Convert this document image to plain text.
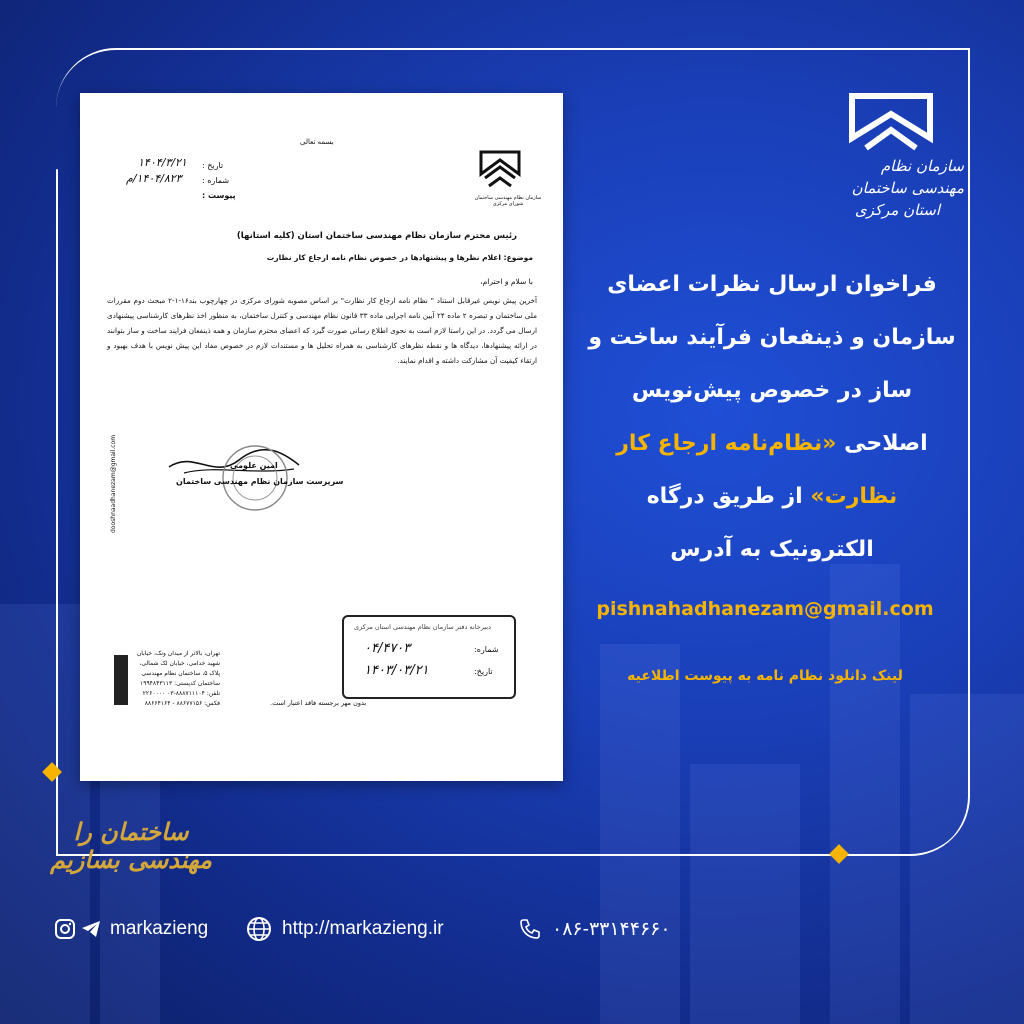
بسمه تعالی
سازمان نظام مهندسی ساختمان شورای مرکزی
تاریخ :
۱۴۰۴/۳/۲۱
شماره :
۱۴۰۴/۸۲۳/م
پیوست :
رئیس محترم سازمان نظام مهندسی ساختمان استان (کلیه استانها)
موضوع: اعلام نظرها و پیشنهادها در خصوص نظام نامه ارجاع کار نظارت
با سلام و احترام،
آخرین پیش نویس غیرقابل استناد " نظام نامه ارجاع کار نظارت" بر اساس مصوبه شورای مرکزی در چهارچوب بند۱۶-۱-۲ مبحث دوم مقررات ملی ساختمان و تبصره ۲ ماده ۲۴ آیین نامه اجرایی ماده ۳۳ قانون نظام مهندسی و کنترل ساختمان، به منظور اخذ نظرهای کارشناسی پیشنهادی ارسال می گردد. در این راستا لازم است به نحوی اطلاع رسانی صورت گیرد که اعضای محترم سازمان و همه ذینفعان فرایند ساخت و ساز بتوانند در ارائه پیشنهادها، دیدگاه ها و نقطه نظرهای کارشناسی به همراه تحلیل ها و مستندات لازم در خصوص مفاد این پیش نویس با هدف بهبود و ارتقاء کیفیت آن مشارکت داشته و اقدام نمایند.
امین علومی
سرپرست سازمان نظام مهندسی ساختمان
دبیرخانه دفتر سازمان نظام مهندسی استان مرکزی
شماره:
۰۴/۴۷۰۳
تاریخ:
۱۴۰۳/۰۳/۲۱
dooshnaadhanezam@gmail.com
تهران، بالاتر از میدان ونک، خیابان شهید خدامی، خیابان لک شمالی، پلاک ۵، ساختمان نظام مهندسی
ساختمان کدپستی: ۱۹۹۴۸۴۳۱۱۳
تلفن: ۸۸۸۷۱۱۱۰۴-۰۳ ۲۲۶۰۰۰۰
فکس: ۸۸۶۷۷۱۵۶ - ۸۸۶۶۴۱۶۴	بدون مهر برجسته فاقد اعتبار است.
سازمان نظام مهندسی ساختمان
استان مرکزی
فراخوان ارسال نظرات اعضای
سازمان و ذینفعان فرآیند ساخت و
ساز در خصوص پیش‌نویس
اصلاحی «نظام‌نامه ارجاع کار
نظارت» از طریق درگاه
الکترونیک به آدرس
pishnahadhanezam@gmail.com
لینک دانلود نظام نامه به پیوست اطلاعیه
ساختمان را مهندسی بسازیم
markazieng	http://markazieng.ir	۰۸۶-۳۳۱۴۴۶۶۰
